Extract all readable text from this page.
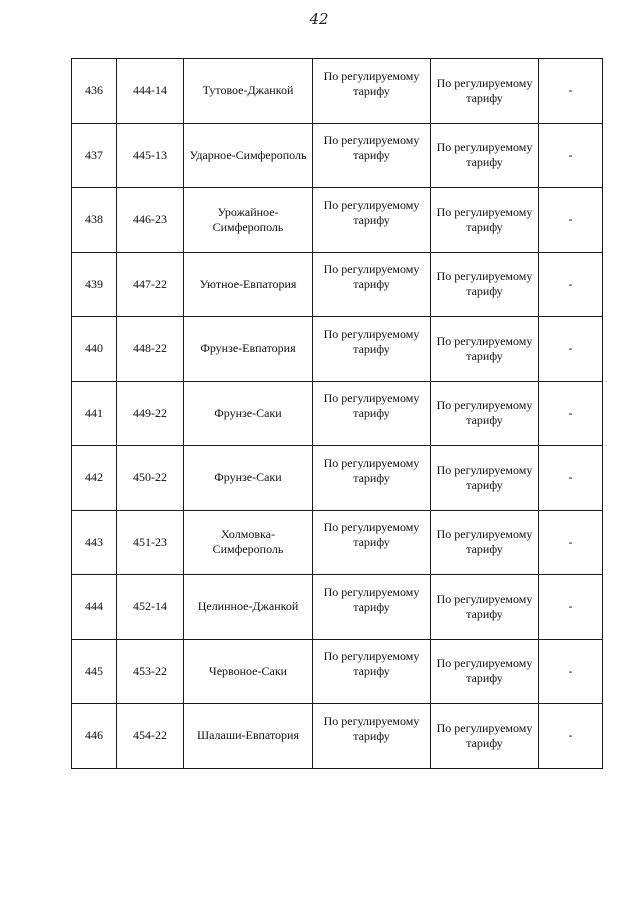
42
436	444-14	Тутовое-Джанкой	По регулируемому тарифу	По регулируемому тарифу	-
437	445-13	Ударное-Симферополь	По регулируемому тарифу	По регулируемому тарифу	-
438	446-23	Урожайное-Симферополь	По регулируемому тарифу	По регулируемому тарифу	-
439	447-22	Уютное-Евпатория	По регулируемому тарифу	По регулируемому тарифу	-
440	448-22	Фрунзе-Евпатория	По регулируемому тарифу	По регулируемому тарифу	-
441	449-22	Фрунзе-Саки	По регулируемому тарифу	По регулируемому тарифу	-
442	450-22	Фрунзе-Саки	По регулируемому тарифу	По регулируемому тарифу	-
443	451-23	Холмовка-Симферополь	По регулируемому тарифу	По регулируемому тарифу	-
444	452-14	Целинное-Джанкой	По регулируемому тарифу	По регулируемому тарифу	-
445	453-22	Червоное-Саки	По регулируемому тарифу	По регулируемому тарифу	-
446	454-22	Шалаши-Евпатория	По регулируемому тарифу	По регулируемому тарифу	-
